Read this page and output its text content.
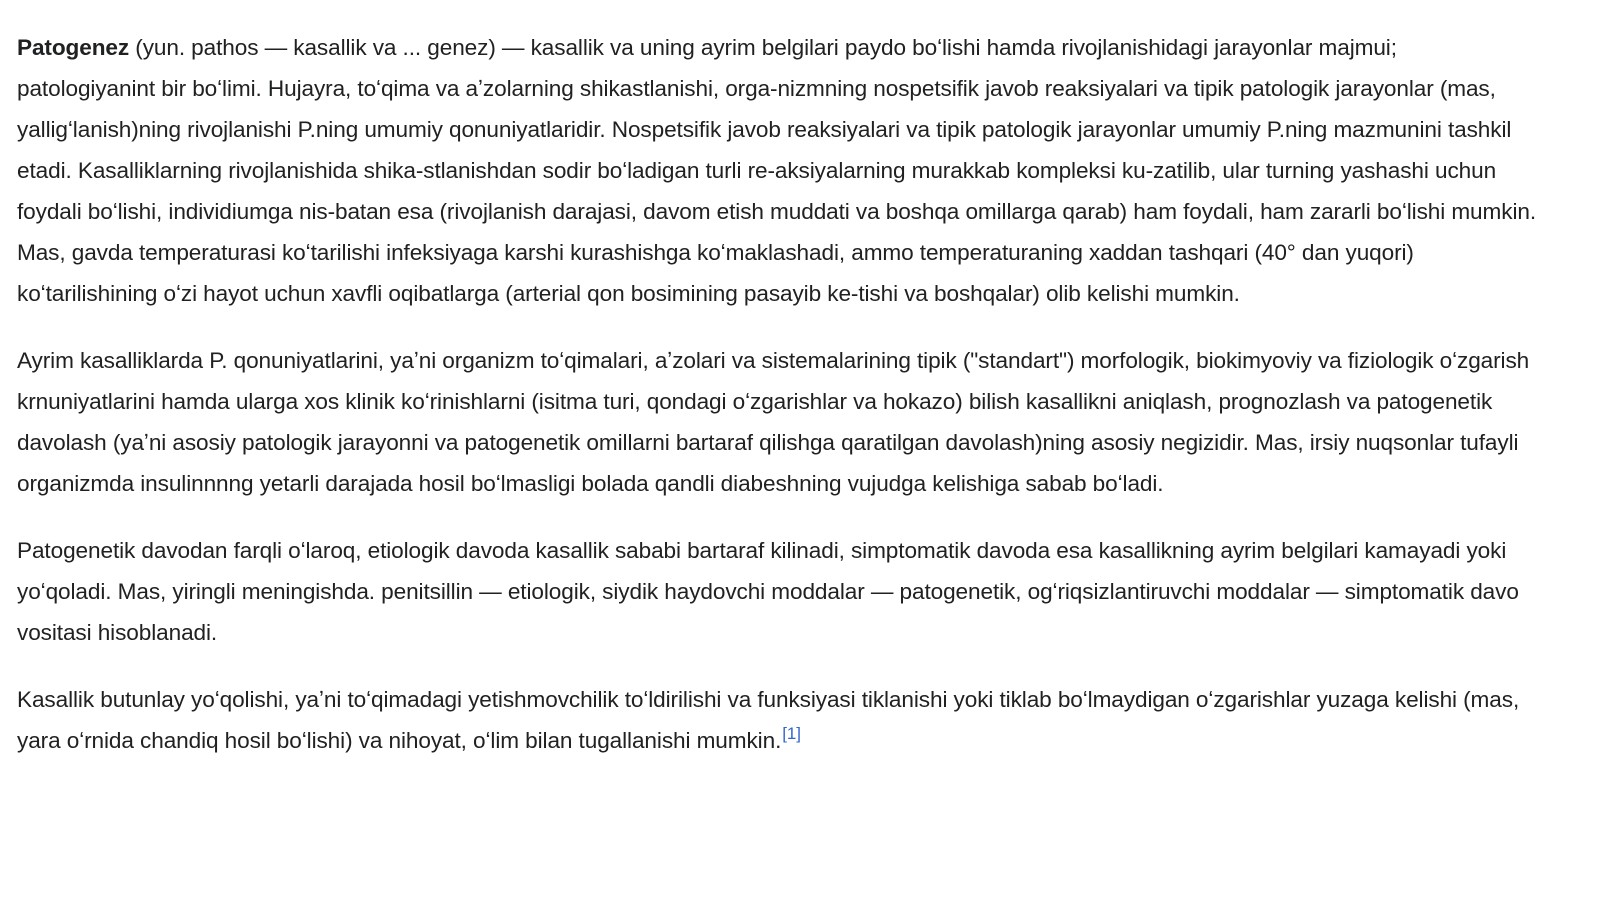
Patogenez (yun. pathos — kasallik va ... genez) — kasallik va uning ayrim belgilari paydo boʻlishi hamda rivojlanishidagi jarayonlar majmui; patologiyanint bir boʻlimi. Hujayra, toʻqima va aʼzolarning shikastlanishi, orga-nizmning nospetsifik javob reaksiyalari va tipik patologik jarayonlar (mas, yalligʻlanish)ning rivojlanishi P.ning umumiy qonuniyatlaridir. Nospetsifik javob reaksiyalari va tipik patologik jarayonlar umumiy P.ning mazmunini tashkil etadi. Kasalliklarning rivojlanishida shika-stlanishdan sodir boʻladigan turli re-aksiyalarning murakkab kompleksi ku-zatilib, ular turning yashashi uchun foydali boʻlishi, individiumga nis-batan esa (rivojlanish darajasi, davom etish muddati va boshqa omillarga qarab) ham foydali, ham zararli boʻlishi mumkin. Mas, gavda temperaturasi koʻtarilishi infeksiyaga karshi kurashishga koʻmaklashadi, ammo temperaturaning xaddan tashqari (40° dan yuqori) koʻtarilishining oʻzi hayot uchun xavfli oqibatlarga (arterial qon bosimining pasayib ke-tishi va boshqalar) olib kelishi mumkin.

Ayrim kasalliklarda P. qonuniyatlarini, yaʼni organizm toʻqimalari, aʼzolari va sistemalarining tipik ("standart") morfologik, biokimyoviy va fiziologik oʻzgarish krnuniyatlarini hamda ularga xos klinik koʻrinishlarni (isitma turi, qondagi oʻzgarishlar va hokazo) bilish kasallikni aniqlash, prognozlash va patogenetik davolash (yaʼni asosiy patologik jarayonni va patogenetik omillarni bartaraf qilishga qaratilgan davolash)ning asosiy negizidir. Mas, irsiy nuqsonlar tufayli organizmda insulinnnng yetarli darajada hosil boʻlmasligi bolada qandli diabeshning vujudga kelishiga sabab boʻladi.

Patogenetik davodan farqli oʻlaroq, etiologik davoda kasallik sababi bartaraf kilinadi, simptomatik davoda esa kasallikning ayrim belgilari kamayadi yoki yoʻqoladi. Mas, yiringli meningishda. penitsillin — etiologik, siydik haydovchi moddalar — patogenetik, ogʻriqsizlantiruvchi moddalar — simptomatik davo vositasi hisoblanadi.

Kasallik butunlay yoʻqolishi, yaʼni toʻqimadagi yetishmovchilik toʻldirilishi va funksiyasi tiklanishi yoki tiklab boʻlmaydigan oʻzgarishlar yuzaga kelishi (mas, yara oʻrnida chandiq hosil boʻlishi) va nihoyat, oʻlim bilan tugallanishi mumkin.[1]
